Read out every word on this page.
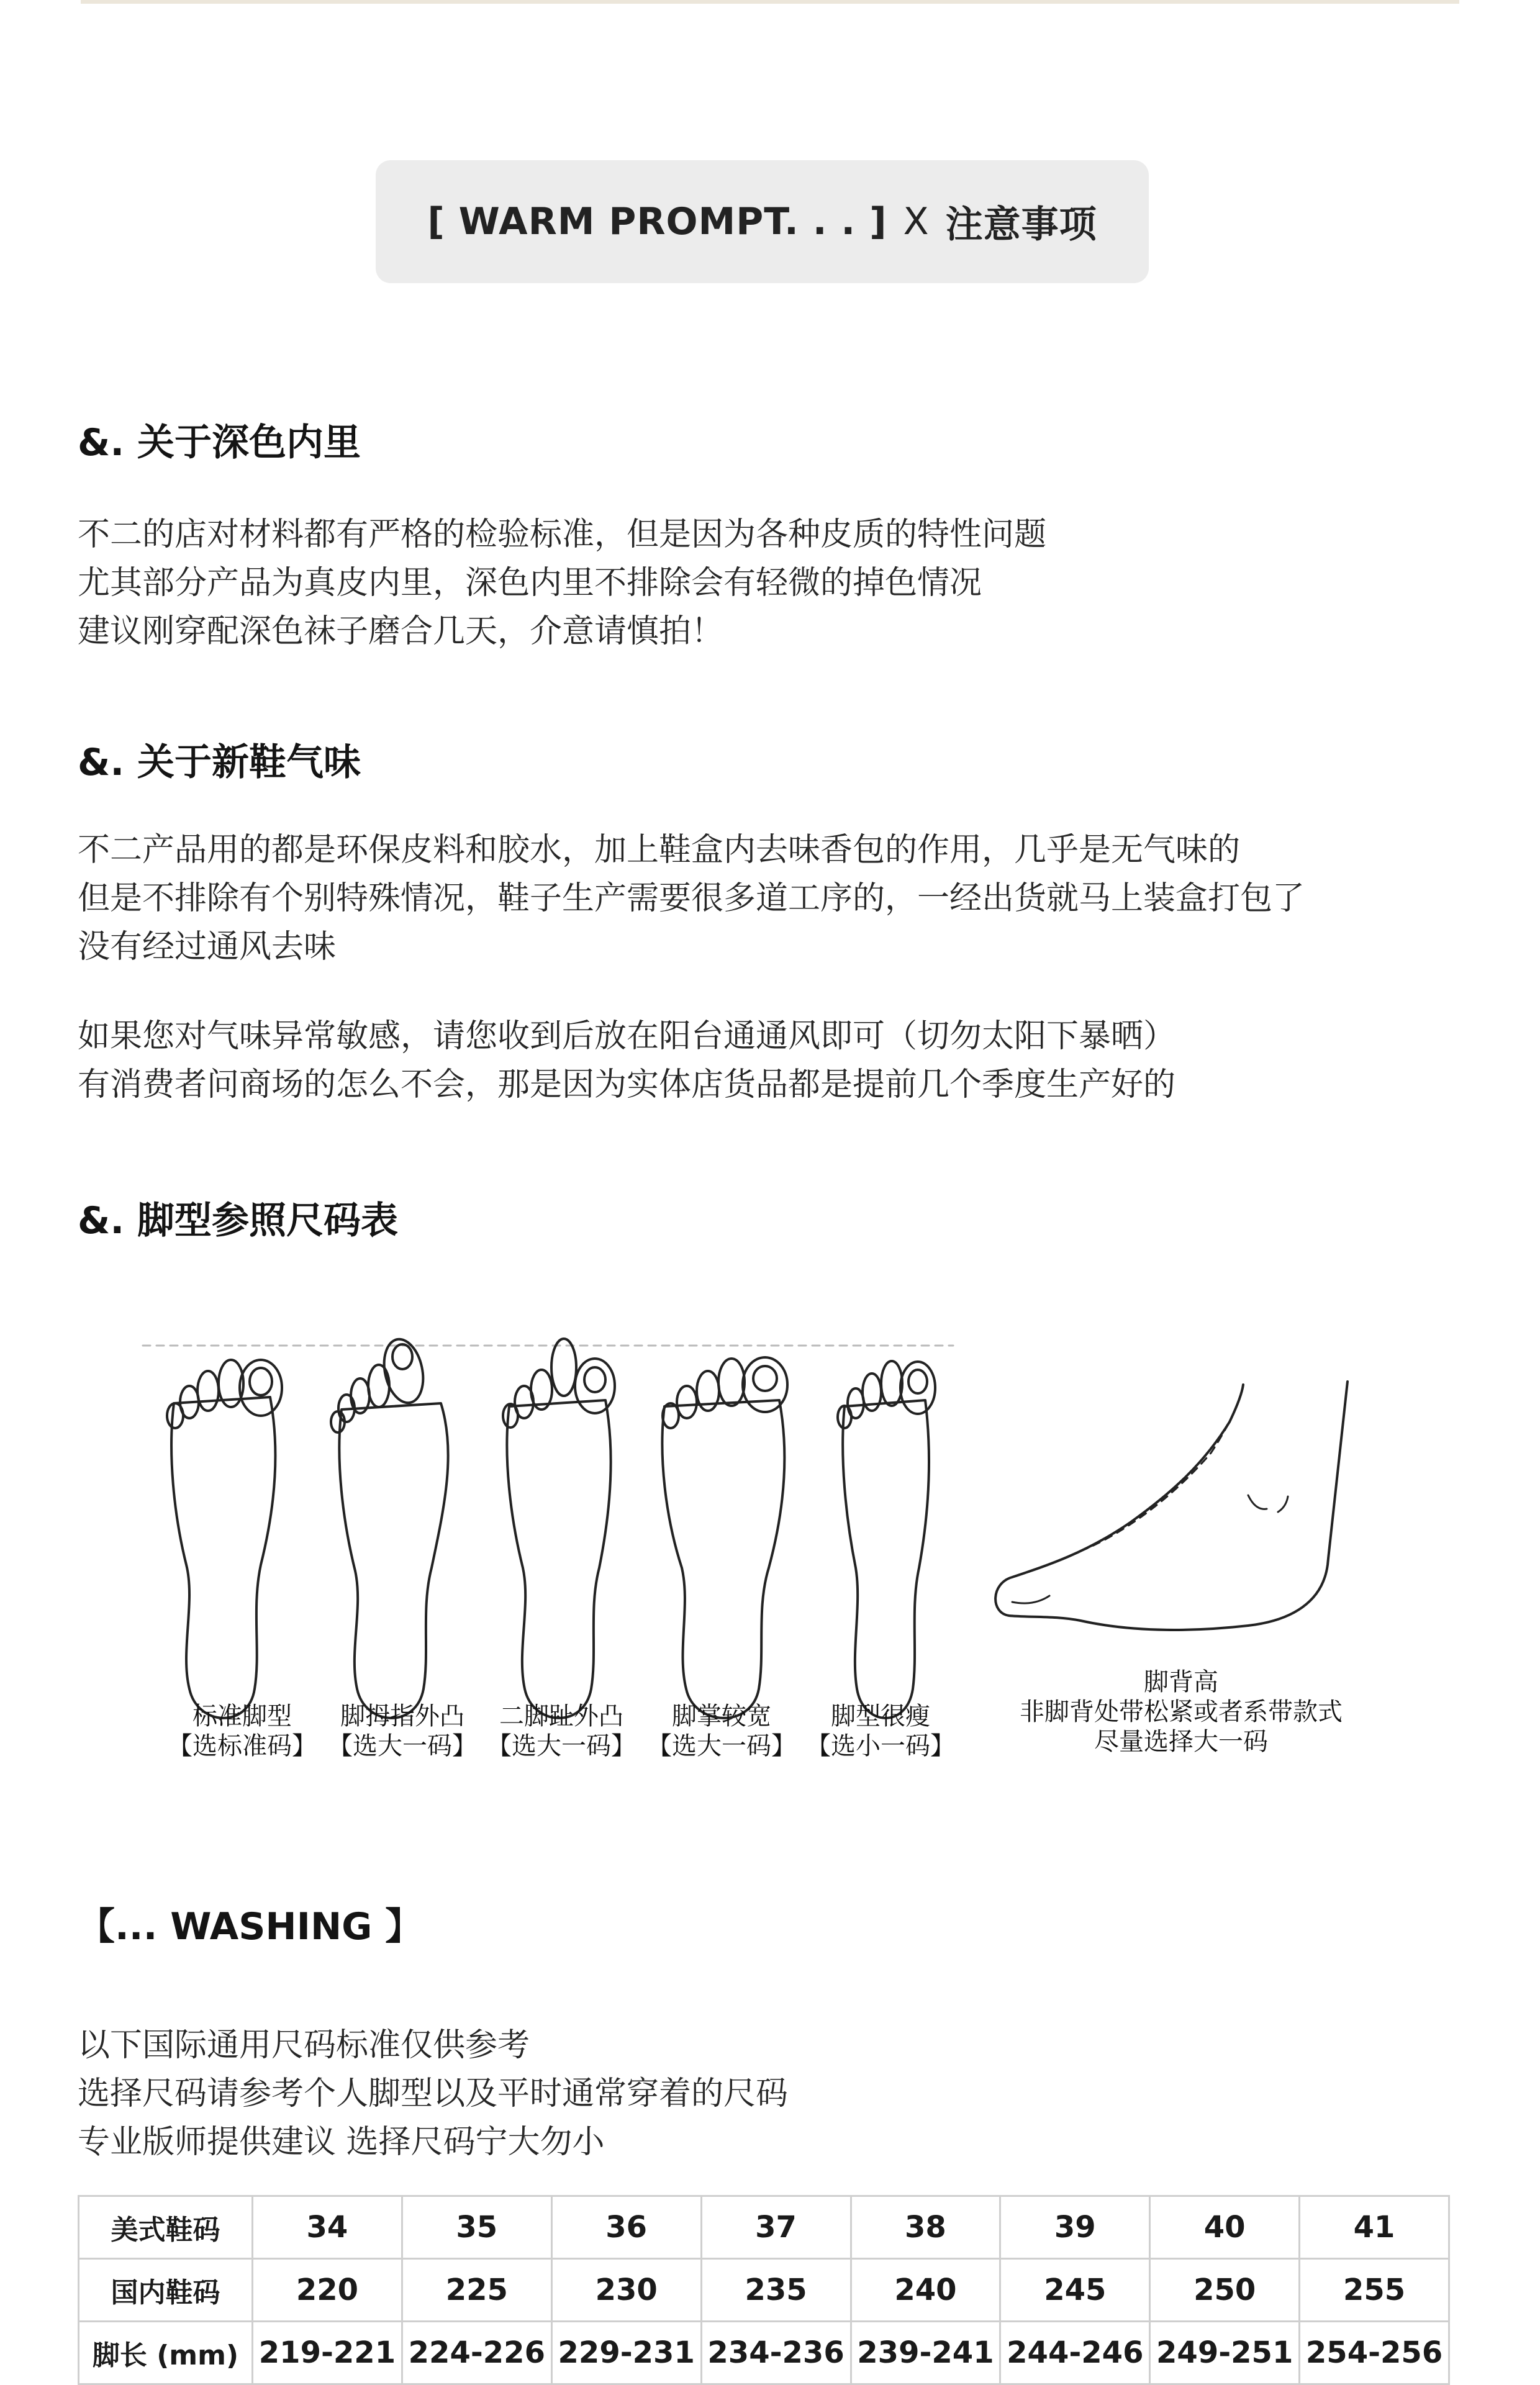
[ WARM PROMPT. . . ] X 注意事项
&. 关于深色内里
不二的店对材料都有严格的检验标准，但是因为各种皮质的特性问题
尤其部分产品为真皮内里，深色内里不排除会有轻微的掉色情况
建议刚穿配深色袜子磨合几天，介意请慎拍！
&. 关于新鞋气味
不二产品用的都是环保皮料和胶水，加上鞋盒内去味香包的作用，几乎是无气味的
但是不排除有个别特殊情况，鞋子生产需要很多道工序的，一经出货就马上装盒打包了
没有经过通风去味
如果您对气味异常敏感，请您收到后放在阳台通通风即可（切勿太阳下暴晒）
有消费者问商场的怎么不会，那是因为实体店货品都是提前几个季度生产好的
&. 脚型参照尺码表
标准脚型
【选标准码】
脚拇指外凸
【选大一码】
二脚趾外凸
【选大一码】
脚掌较宽
【选大一码】
脚型很瘦
【选小一码】
脚背高
非脚背处带松紧或者系带款式
尽量选择大一码
【... WASHING 】
以下国际通用尺码标准仅供参考
选择尺码请参考个人脚型以及平时通常穿着的尺码
专业版师提供建议 选择尺码宁大勿小
美式鞋码	34	35	36	37	38	39	40	41
国内鞋码	220	225	230	235	240	245	250	255
脚长 (mm)	219-221	224-226	229-231	234-236	239-241	244-246	249-251	254-256
